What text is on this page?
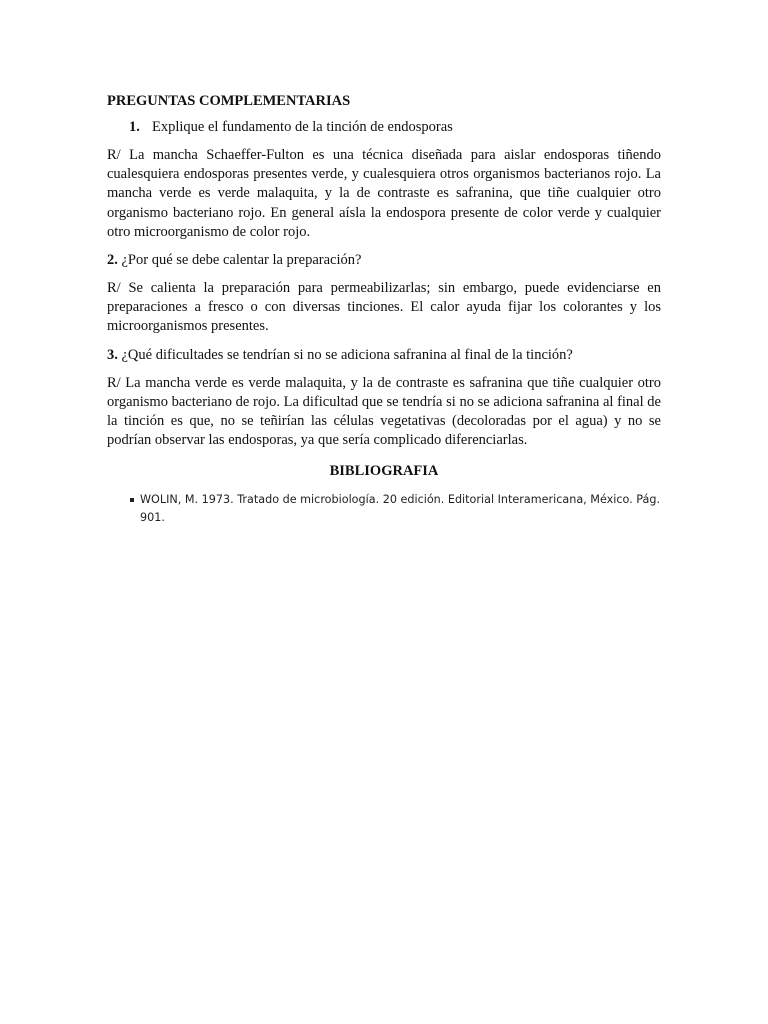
PREGUNTAS COMPLEMENTARIAS
1. Explique el fundamento de la tinción de endosporas
R/ La mancha Schaeffer-Fulton es una técnica diseñada para aislar endosporas tiñendo cualesquiera endosporas presentes verde, y cualesquiera otros organismos bacterianos rojo. La mancha verde es verde malaquita, y la de contraste es safranina, que tiñe cualquier otro organismo bacteriano rojo. En general aísla la endospora presente de color verde y cualquier otro microorganismo de color rojo.
2. ¿Por qué se debe calentar la preparación?
R/ Se calienta la preparación para permeabilizarlas; sin embargo, puede evidenciarse en preparaciones a fresco o con diversas tinciones. El calor ayuda fijar los colorantes y los microorganismos presentes.
3. ¿Qué dificultades se tendrían si no se adiciona safranina al final de la tinción?
R/ La mancha verde es verde malaquita, y la de contraste es safranina que tiñe cualquier otro organismo bacteriano de rojo. La dificultad que se tendría si no se adiciona safranina al final de la tinción es que, no se teñirían las células vegetativas (decoloradas por el agua) y no se podrían observar las endosporas, ya que sería complicado diferenciarlas.
BIBLIOGRAFIA
WOLIN, M. 1973. Tratado de microbiología. 20 edición. Editorial Interamericana, México. Pág. 901.
